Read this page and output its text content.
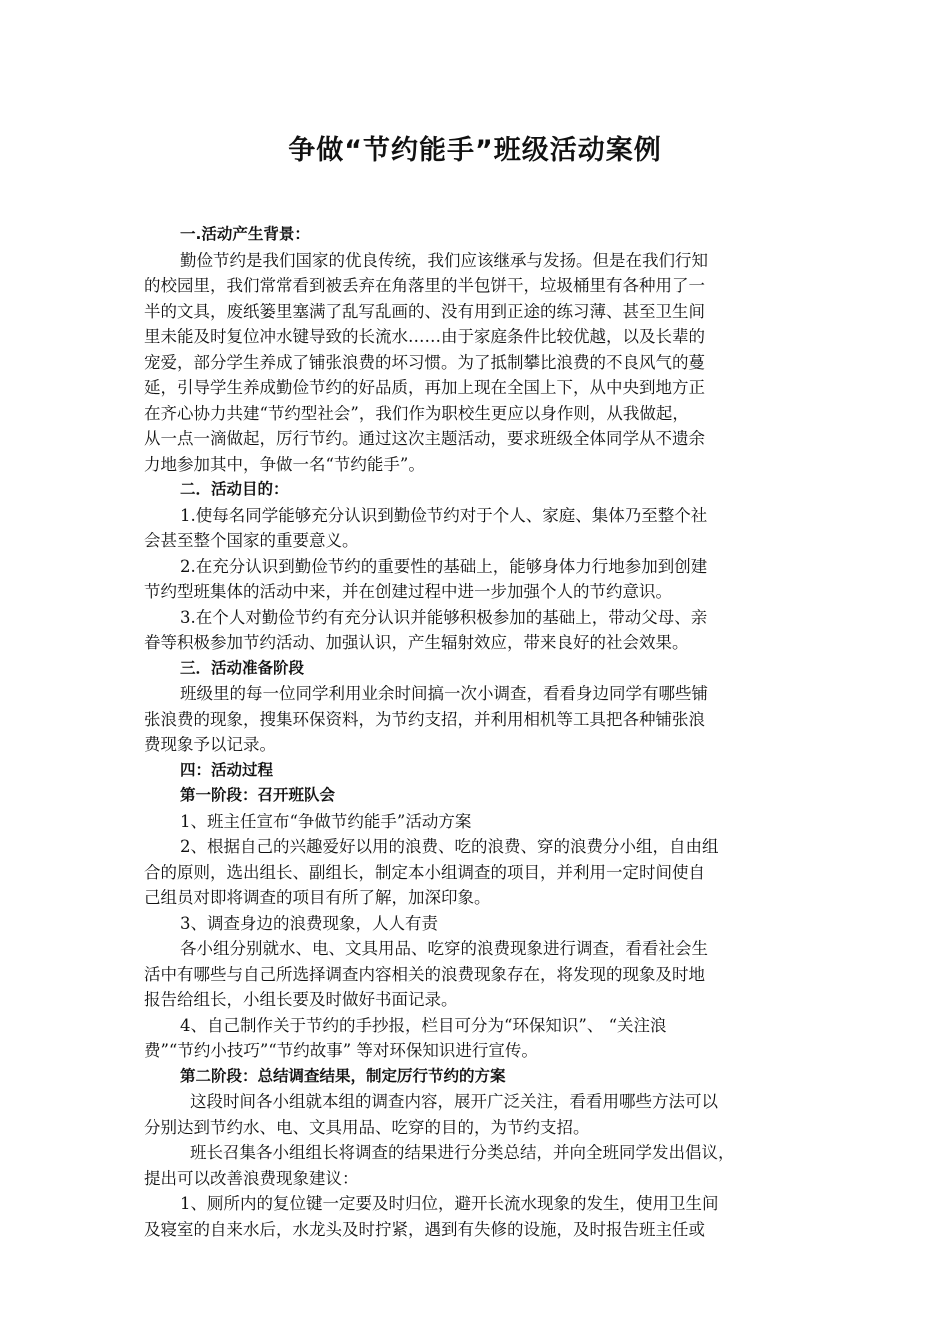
争做“节约能手”班级活动案例
一.活动产生背景：
勤俭节约是我们国家的优良传统，我们应该继承与发扬。但是在我们行知
的校园里，我们常常看到被丢弃在角落里的半包饼干，垃圾桶里有各种用了一
半的文具，废纸篓里塞满了乱写乱画的、没有用到正途的练习薄、甚至卫生间
里未能及时复位冲水键导致的长流水……由于家庭条件比较优越，以及长辈的
宠爱，部分学生养成了铺张浪费的坏习惯。为了抵制攀比浪费的不良风气的蔓
延，引导学生养成勤俭节约的好品质，再加上现在全国上下，从中央到地方正
在齐心协力共建“节约型社会”，我们作为职校生更应以身作则，从我做起，
从一点一滴做起，厉行节约。通过这次主题活动，要求班级全体同学从不遗余
力地参加其中，争做一名“节约能手”。
二．活动目的：
1.使每名同学能够充分认识到勤俭节约对于个人、家庭、集体乃至整个社
会甚至整个国家的重要意义。
2.在充分认识到勤俭节约的重要性的基础上，能够身体力行地参加到创建
节约型班集体的活动中来，并在创建过程中进一步加强个人的节约意识。
3.在个人对勤俭节约有充分认识并能够积极参加的基础上，带动父母、亲
眷等积极参加节约活动、加强认识，产生辐射效应，带来良好的社会效果。
三．活动准备阶段
班级里的每一位同学利用业余时间搞一次小调查，看看身边同学有哪些铺
张浪费的现象，搜集环保资料，为节约支招，并利用相机等工具把各种铺张浪
费现象予以记录。
四：活动过程
第一阶段：召开班队会
1、班主任宣布“争做节约能手”活动方案
2、根据自己的兴趣爱好以用的浪费、吃的浪费、穿的浪费分小组，自由组
合的原则，选出组长、副组长，制定本小组调查的项目，并利用一定时间使自
己组员对即将调查的项目有所了解，加深印象。
3、调查身边的浪费现象，人人有责
各小组分别就水、电、文具用品、吃穿的浪费现象进行调查，看看社会生
活中有哪些与自己所选择调查内容相关的浪费现象存在，将发现的现象及时地
报告给组长，小组长要及时做好书面记录。
4、自己制作关于节约的手抄报，栏目可分为“环保知识”、 “关注浪
费”“节约小技巧”“节约故事” 等对环保知识进行宣传。
第二阶段：总结调查结果，制定厉行节约的方案
这段时间各小组就本组的调查内容，展开广泛关注，看看用哪些方法可以
分别达到节约水、电、文具用品、吃穿的目的，为节约支招。
班长召集各小组组长将调查的结果进行分类总结，并向全班同学发出倡议，
提出可以改善浪费现象建议：
1、厕所内的复位键一定要及时归位，避开长流水现象的发生，使用卫生间
及寝室的自来水后，水龙头及时拧紧，遇到有失修的设施，及时报告班主任或
